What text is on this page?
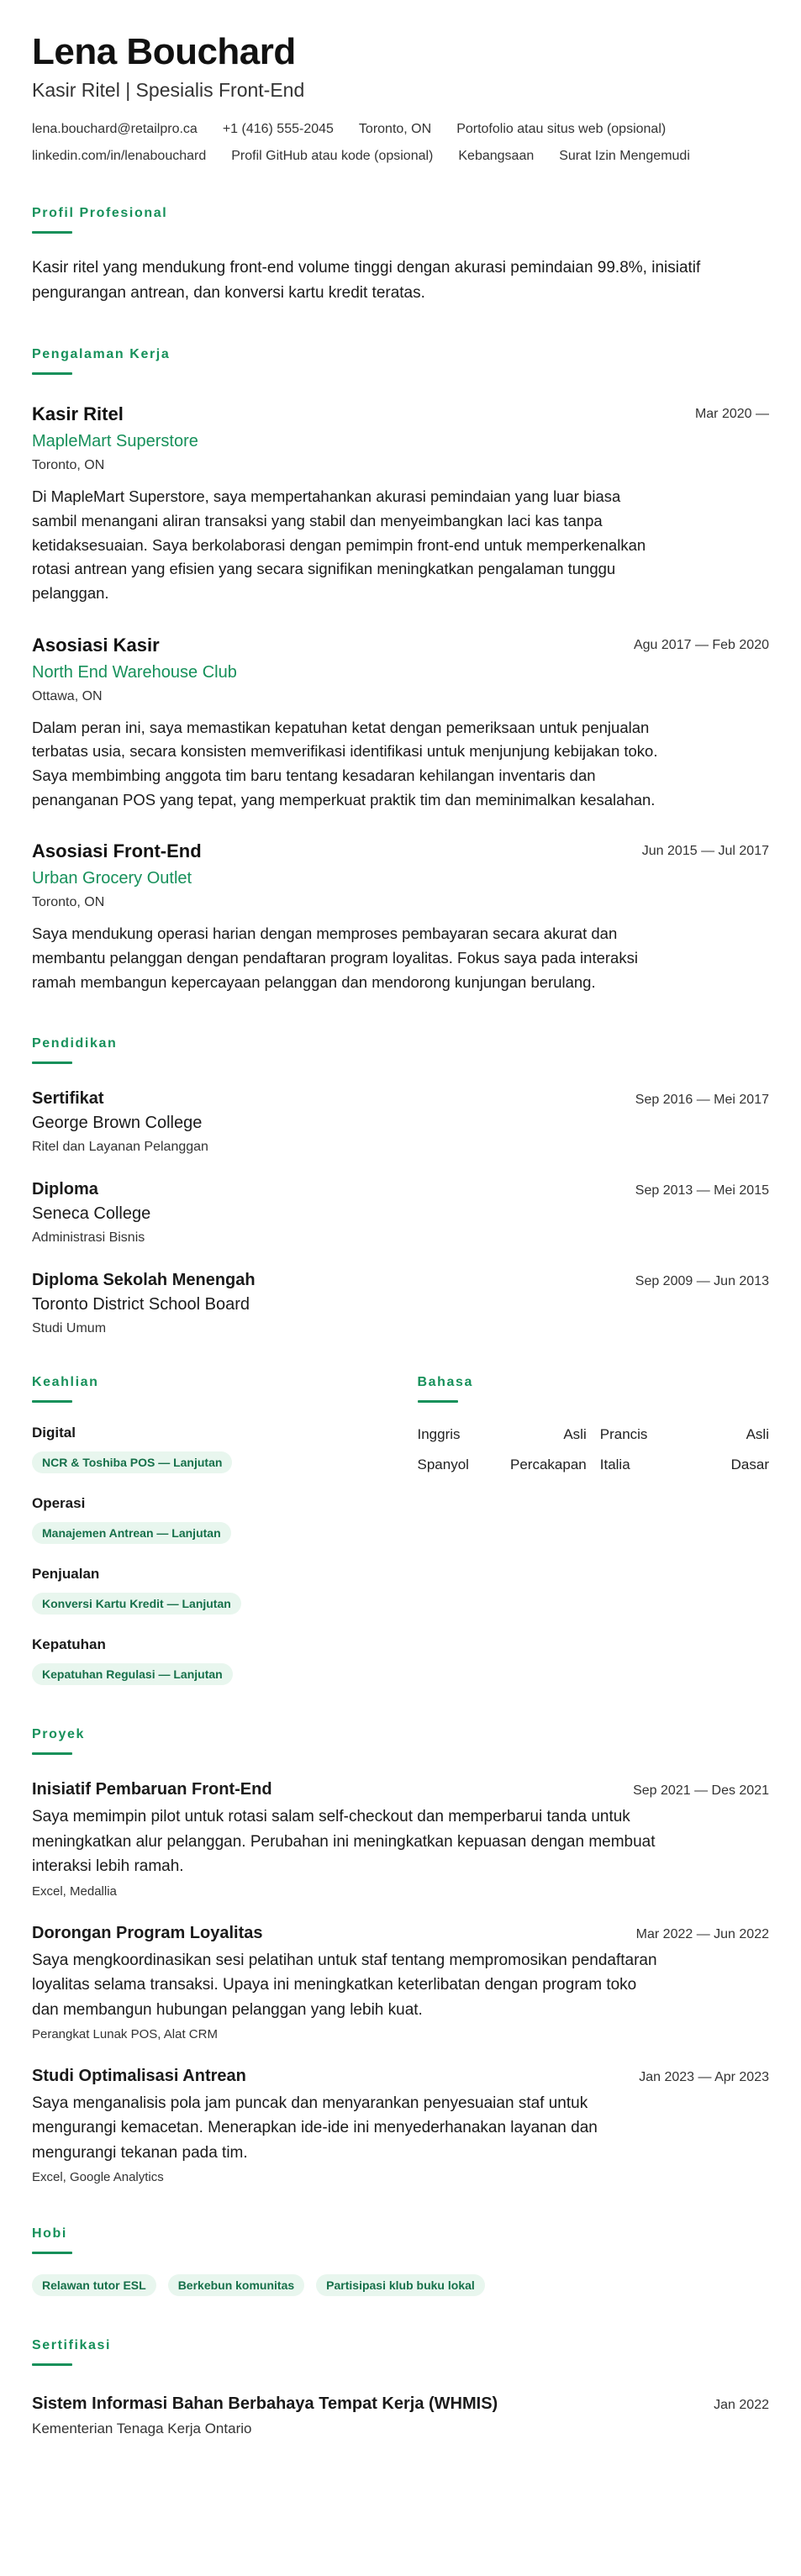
Lena Bouchard
Kasir Ritel | Spesialis Front-End
lena.bouchard@retailpro.ca +1 (416) 555-2045 Toronto, ON Portofolio atau situs web (opsional)
linkedin.com/in/lenabouchard Profil GitHub atau kode (opsional) Kebangsaan Surat Izin Mengemudi
Profil Profesional

Kasir ritel yang mendukung front-end volume tinggi dengan akurasi pemindaian 99.8%, inisiatif pengurangan antrean, dan konversi kartu kredit teratas.

Pengalaman Kerja
Kasir Ritel	Mar 2020 —
MapleMart Superstore
Toronto, ON

Di MapleMart Superstore, saya mempertahankan akurasi pemindaian yang luar biasa sambil menangani aliran transaksi yang stabil dan menyeimbangkan laci kas tanpa ketidaksesuaian. Saya berkolaborasi dengan pemimpin front-end untuk memperkenalkan rotasi antrean yang efisien yang secara signifikan meningkatkan pengalaman tunggu pelanggan.

Asosiasi Kasir	Agu 2017 — Feb 2020
North End Warehouse Club
Ottawa, ON

Dalam peran ini, saya memastikan kepatuhan ketat dengan pemeriksaan untuk penjualan terbatas usia, secara konsisten memverifikasi identifikasi untuk menjunjung kebijakan toko. Saya membimbing anggota tim baru tentang kesadaran kehilangan inventaris dan penanganan POS yang tepat, yang memperkuat praktik tim dan meminimalkan kesalahan.

Asosiasi Front-End	Jun 2015 — Jul 2017
Urban Grocery Outlet
Toronto, ON

Saya mendukung operasi harian dengan memproses pembayaran secara akurat dan membantu pelanggan dengan pendaftaran program loyalitas. Fokus saya pada interaksi ramah membangun kepercayaan pelanggan dan mendorong kunjungan berulang.

Pendidikan
Sertifikat	Sep 2016 — Mei 2017
George Brown College
Ritel dan Layanan Pelanggan
Diploma	Sep 2013 — Mei 2015
Seneca College
Administrasi Bisnis
Diploma Sekolah Menengah	Sep 2009 — Jun 2013
Toronto District School Board
Studi Umum
Keahlian
Digital
NCR & Toshiba POS — Lanjutan
Operasi
Manajemen Antrean — Lanjutan
Penjualan
Konversi Kartu Kredit — Lanjutan
Kepatuhan
Kepatuhan Regulasi — Lanjutan
Bahasa
Inggris	Asli Prancis	Asli
Spanyol	Percakapan Italia	Dasar
Proyek
Inisiatif Pembaruan Front-End	Sep 2021 — Des 2021

Saya memimpin pilot untuk rotasi salam self-checkout dan memperbarui tanda untuk meningkatkan alur pelanggan. Perubahan ini meningkatkan kepuasan dengan membuat interaksi lebih ramah.

Excel, Medallia
Dorongan Program Loyalitas	Mar 2022 — Jun 2022

Saya mengkoordinasikan sesi pelatihan untuk staf tentang mempromosikan pendaftaran loyalitas selama transaksi. Upaya ini meningkatkan keterlibatan dengan program toko dan membangun hubungan pelanggan yang lebih kuat.

Perangkat Lunak POS, Alat CRM
Studi Optimalisasi Antrean	Jan 2023 — Apr 2023

Saya menganalisis pola jam puncak dan menyarankan penyesuaian staf untuk mengurangi kemacetan. Menerapkan ide-ide ini menyederhanakan layanan dan mengurangi tekanan pada tim.

Excel, Google Analytics
Hobi
Relawan tutor ESL	Berkebun komunitas	Partisipasi klub buku lokal
Sertifikasi
Sistem Informasi Bahan Berbahaya Tempat Kerja (WHMIS)	Jan 2022
Kementerian Tenaga Kerja Ontario
